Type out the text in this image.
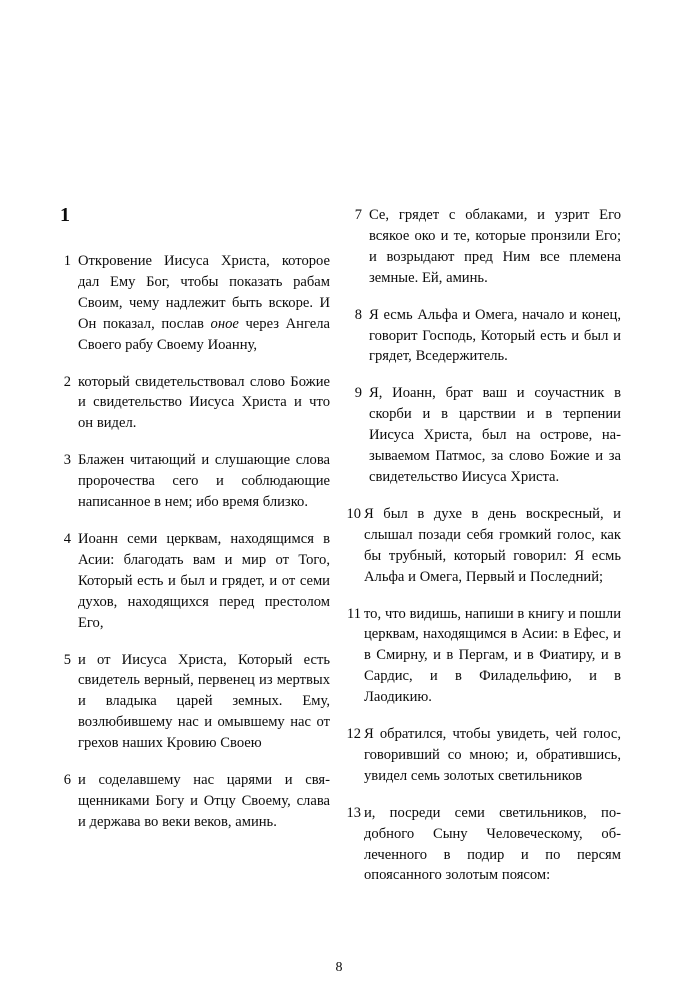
1
1 Откровение Иисуса Христа, которое дал Ему Бог, чтобы показать рабам Своим, чему надлежит быть вскоре. И Он показал, послав оное через Ангела Своего рабу Своему Иоанну,
2 который свидетельствовал слово Божие и свидетельство Иисуса Христа и что он видел.
3 Блажен читающий и слушающие слова пророчества сего и соблюдающие написанное в нем; ибо время близко.
4 Иоанн семи церквам, находящимся в Асии: благодать вам и мир от Того, Который есть и был и грядет, и от семи духов, находящихся перед престолом Его,
5 и от Иисуса Христа, Который есть свидетель верный, первенец из мертвых и владыка царей земных. Ему, возлюбившему нас и омывшему нас от грехов наших Кровию Своею
6 и соделавшему нас царями и священниками Богу и Отцу Своему, слава и держава во веки веков, аминь.
7 Се, грядет с облаками, и узрит Его всякое око и те, которые пронзили Его; и возрыдают пред Ним все племена земные. Ей, аминь.
8 Я есмь Альфа и Омега, начало и конец, говорит Господь, Который есть и был и грядет, Вседержитель.
9 Я, Иоанн, брат ваш и соучастник в скорби и в царствии и в терпении Иисуса Христа, был на острове, называемом Патмос, за слово Божие и за свидетельство Иисуса Христа.
10 Я был в духе в день воскресный, и слышал позади себя громкий голос, как бы трубный, который говорил: Я есмь Альфа и Омега, Первый и Последний;
11 то, что видишь, напиши в книгу и пошли церквам, находящимся в Асии: в Ефес, и в Смирну, и в Пергам, и в Фиатиру, и в Сардис, и в Филадельфию, и в Лаодикию.
12 Я обратился, чтобы увидеть, чей голос, говоривший со мною; и, обратившись, увидел семь золотых светильников
13 и, посреди семи светильников, подобного Сыну Человеческому, облеченного в подир и по персям опоясанного золотым поясом:
8
